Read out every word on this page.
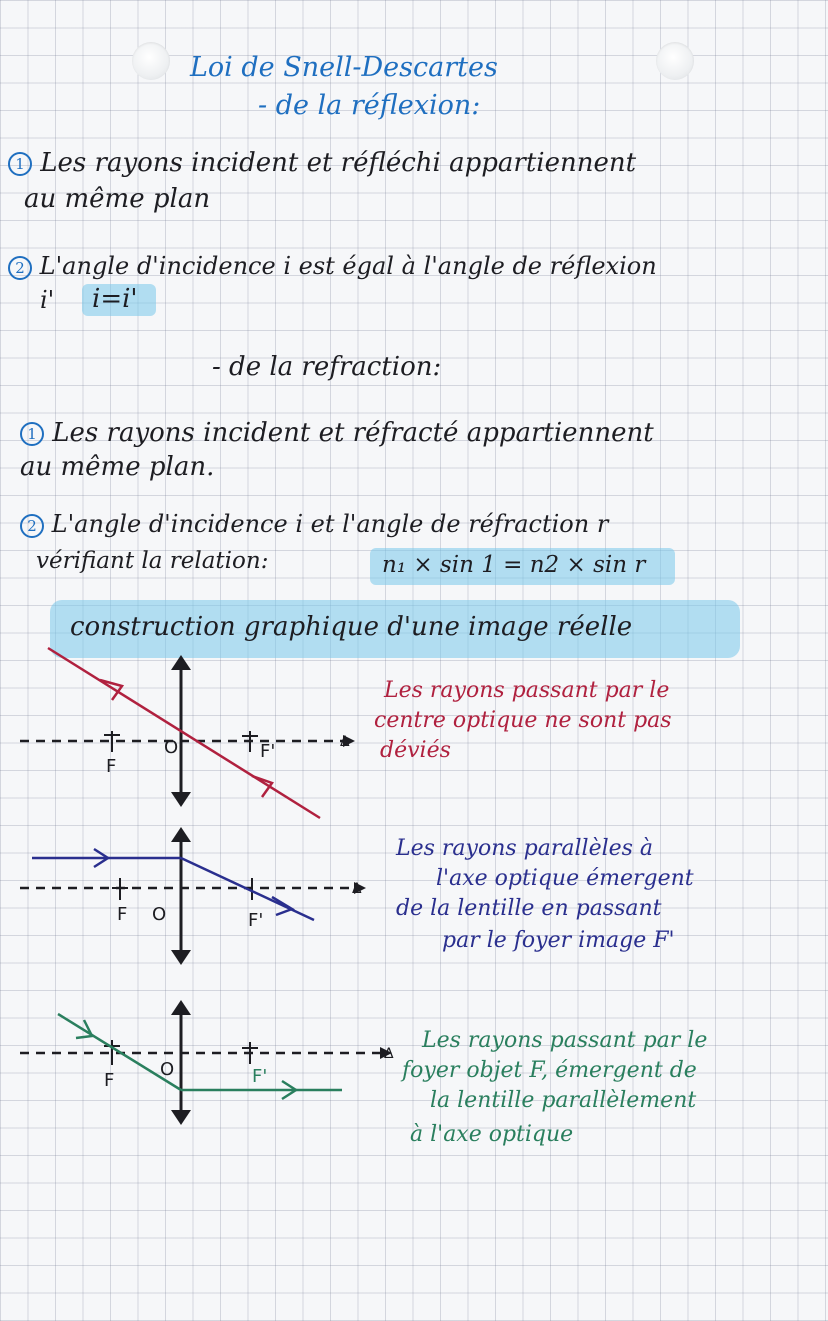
Loi de Snell-Descartes
- de la réflexion:
1 Les rayons incident et réfléchi appartiennent
au même plan
2 L'angle d'incidence i est égal à l'angle de réflexion
i'	i=i'
- de la refraction:
1 Les rayons incident et réfracté appartiennent
au même plan.
2 L'angle d'incidence i et l'angle de réfraction r
vérifiant la relation:	n₁ × sin 1 = n2 × sin r
construction graphique d'une image réelle
F
O	F'	Δ
F O	F'
Δ
F
O	F'
Δ
Les rayons passant par le
centre optique ne sont pas
déviés
Les rayons parallèles à
l'axe optique émergent
de la lentille en passant
par le foyer image F'
Les rayons passant par le
foyer objet F, émergent de
la lentille parallèlement
à l'axe optique
